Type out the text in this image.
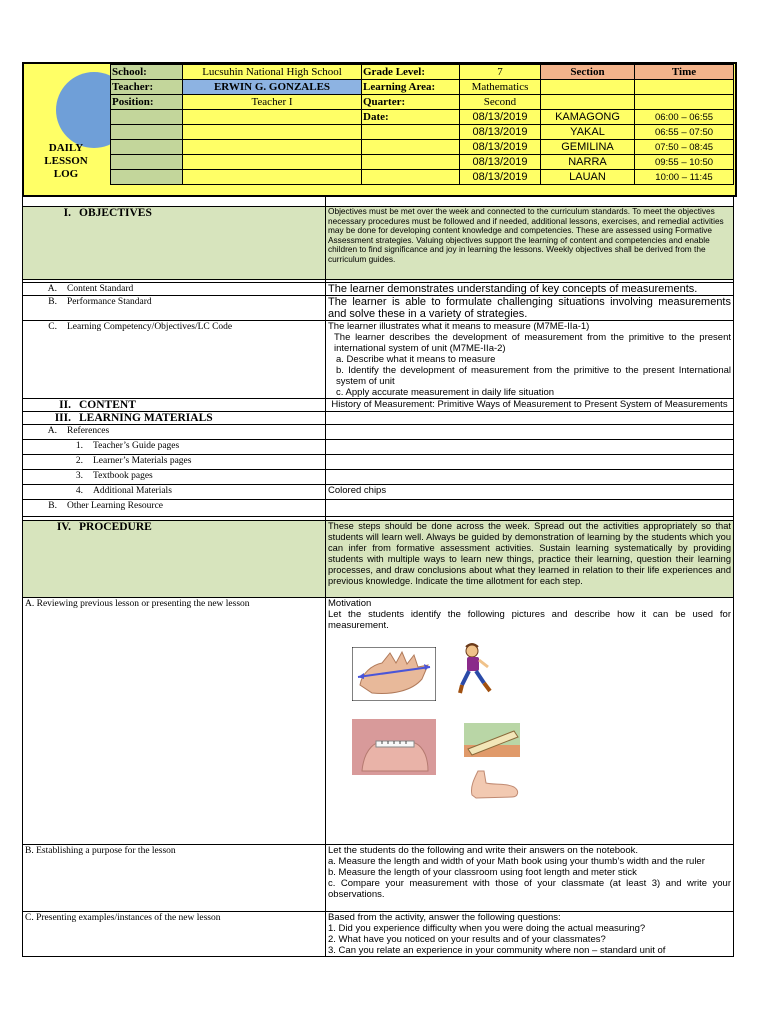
DAILY
LESSON
LOG
School:	Lucsuhin National High School	Grade Level:	7	Section	Time
Teacher:	ERWIN G. GONZALES	Learning Area:	Mathematics		
Position:	Teacher I	Quarter:	Second		
		Date:	08/13/2019	KAMAGONG	06:00 – 06:55
			08/13/2019	YAKAL	06:55 – 07:50
			08/13/2019	GEMILINA	07:50 – 08:45
			08/13/2019	NARRA	09:55 – 10:50
			08/13/2019	LAUAN	10:00 – 11:45

I. OBJECTIVES	Objectives must be met over the week and connected to the curriculum standards. To meet the objectives necessary procedures must be followed and if needed, additional lessons, exercises, and remedial activities may be done for developing content knowledge and competencies. These are assessed using Formative Assessment strategies. Valuing objectives support the learning of content and competencies and enable children to find significance and joy in learning the lessons. Weekly objectives shall be derived from the curriculum guides.

A. Content Standard	The learner demonstrates understanding of key concepts of measurements.
B. Performance Standard	The learner is able to formulate challenging situations involving measurements and solve these in a variety of strategies.
C. Learning Competency/Objectives/LC Code	The learner illustrates what it means to measure (M7ME-IIa-1)
The learner describes the development of measurement from the primitive to the present international system of unit (M7ME-IIa-2)
a. Describe what it means to measure
b. Identify the development of measurement from the primitive to the present International system of unit
c. Apply accurate measurement in daily life situation

II. CONTENT	History of Measurement: Primitive Ways of Measurement to Present System of Measurements
III. LEARNING MATERIALS	
A. References	
1. Teacher’s Guide pages	
2. Learner’s Materials pages	
3. Textbook pages	
4. Additional Materials	Colored chips
B. Other Learning Resource	

IV. PROCEDURE	These steps should be done across the week. Spread out the activities appropriately so that students will learn well. Always be guided by demonstration of learning by the students which you can infer from formative assessment activities. Sustain learning systematically by providing students with multiple ways to learn new things, practice their learning, question their learning processes, and draw conclusions about what they learned in relation to their life experiences and previous knowledge. Indicate the time allotment for each step.
A. Reviewing previous lesson or presenting the new lesson	Motivation
Let the students identify the following pictures and describe how it can be used for measurement.

B. Establishing a purpose for the lesson	Let the students do the following and write their answers on the notebook.
a. Measure the length and width of your Math book using your thumb’s width and the ruler
b. Measure the length of your classroom using foot length and meter stick
c. Compare your measurement with those of your classmate (at least 3) and write your observations.

C. Presenting examples/instances of the new lesson	Based from the activity, answer the following questions:
1. Did you experience difficulty when you were doing the actual measuring?
2. What have you noticed on your results and of your classmates?
3. Can you relate an experience in your community where non – standard unit of
